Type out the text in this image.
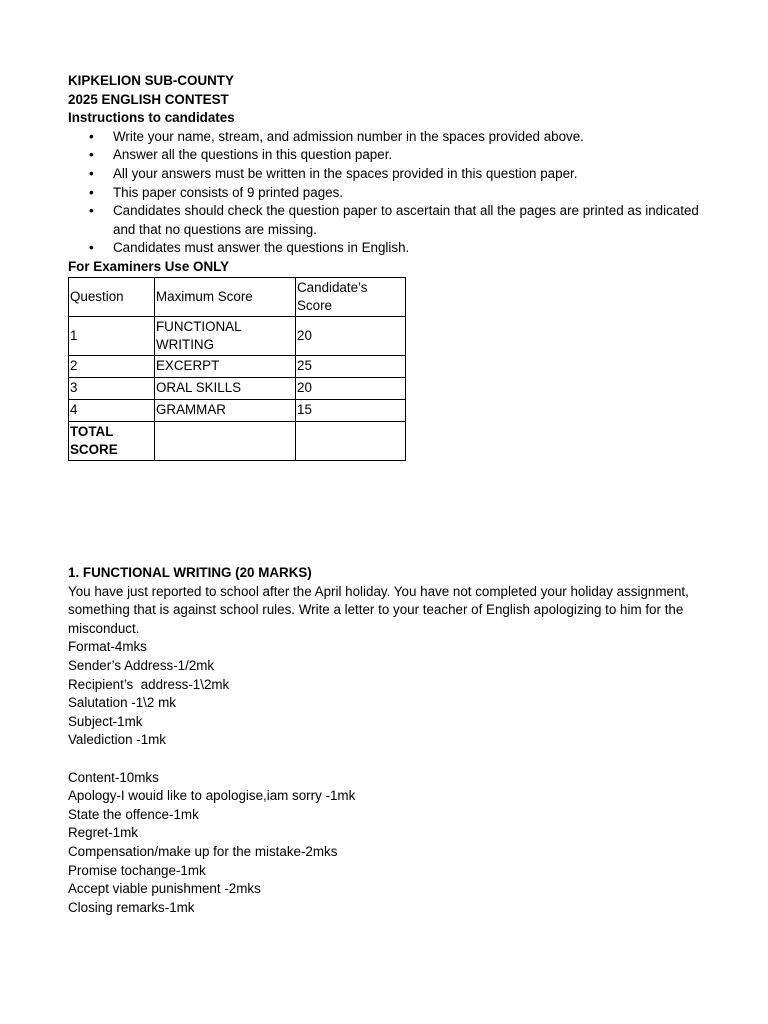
KIPKELION SUB-COUNTY
2025 ENGLISH CONTEST
Instructions to candidates
• Write your name, stream, and admission number in the spaces provided above.
• Answer all the questions in this question paper.
• All your answers must be written in the spaces provided in this question paper.
• This paper consists of 9 printed pages.
• Candidates should check the question paper to ascertain that all the pages are printed as indicated and that no questions are missing.
• Candidates must answer the questions in English.
For Examiners Use ONLY
Question	Maximum Score	Candidate’s Score
1	FUNCTIONAL WRITING	20
2	EXCERPT	25
3	ORAL SKILLS	20
4	GRAMMAR	15
TOTAL SCORE		
1. FUNCTIONAL WRITING (20 MARKS)
You have just reported to school after the April holiday. You have not completed your holiday assignment, something that is against school rules. Write a letter to your teacher of English apologizing to him for the misconduct.
Format-4mks
Sender’s Address-1/2mk
Recipient’s  address-1\2mk
Salutation -1\2 mk
Subject-1mk
Valediction -1mk
Content-10mks
Apology-I wouid like to apologise,iam sorry -1mk
State the offence-1mk
Regret-1mk
Compensation/make up for the mistake-2mks
Promise tochange-1mk
Accept viable punishment -2mks
Closing remarks-1mk
